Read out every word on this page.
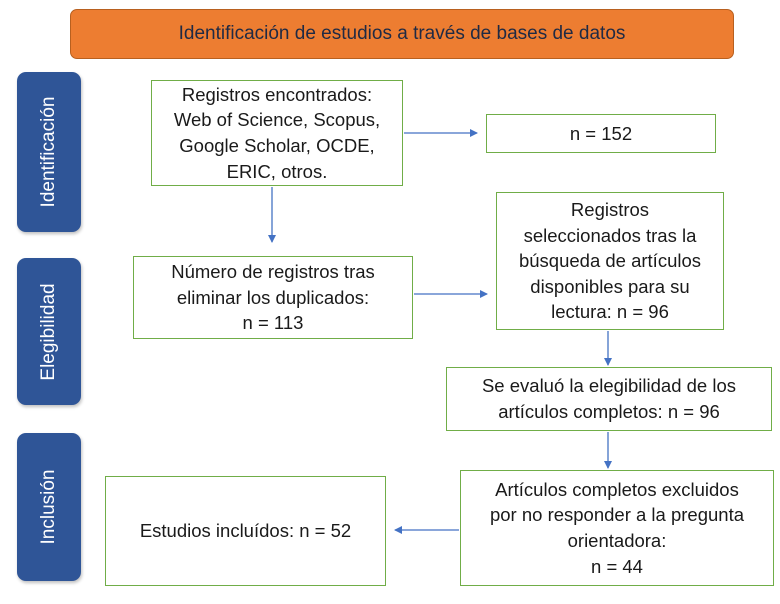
Identificación de estudios a través de bases de datos
Identificación
Elegibilidad
Inclusión
Registros encontrados:
Web of Science, Scopus,
Google Scholar, OCDE,
ERIC, otros.
n = 152
Número de registros tras
eliminar los duplicados:
n = 113
Registros
seleccionados tras la
búsqueda de artículos
disponibles para su
lectura: n = 96
Se evaluó la elegibilidad de los
artículos completos: n = 96
Artículos completos excluidos
por no responder a la pregunta
orientadora:
n = 44
Estudios incluídos: n = 52
